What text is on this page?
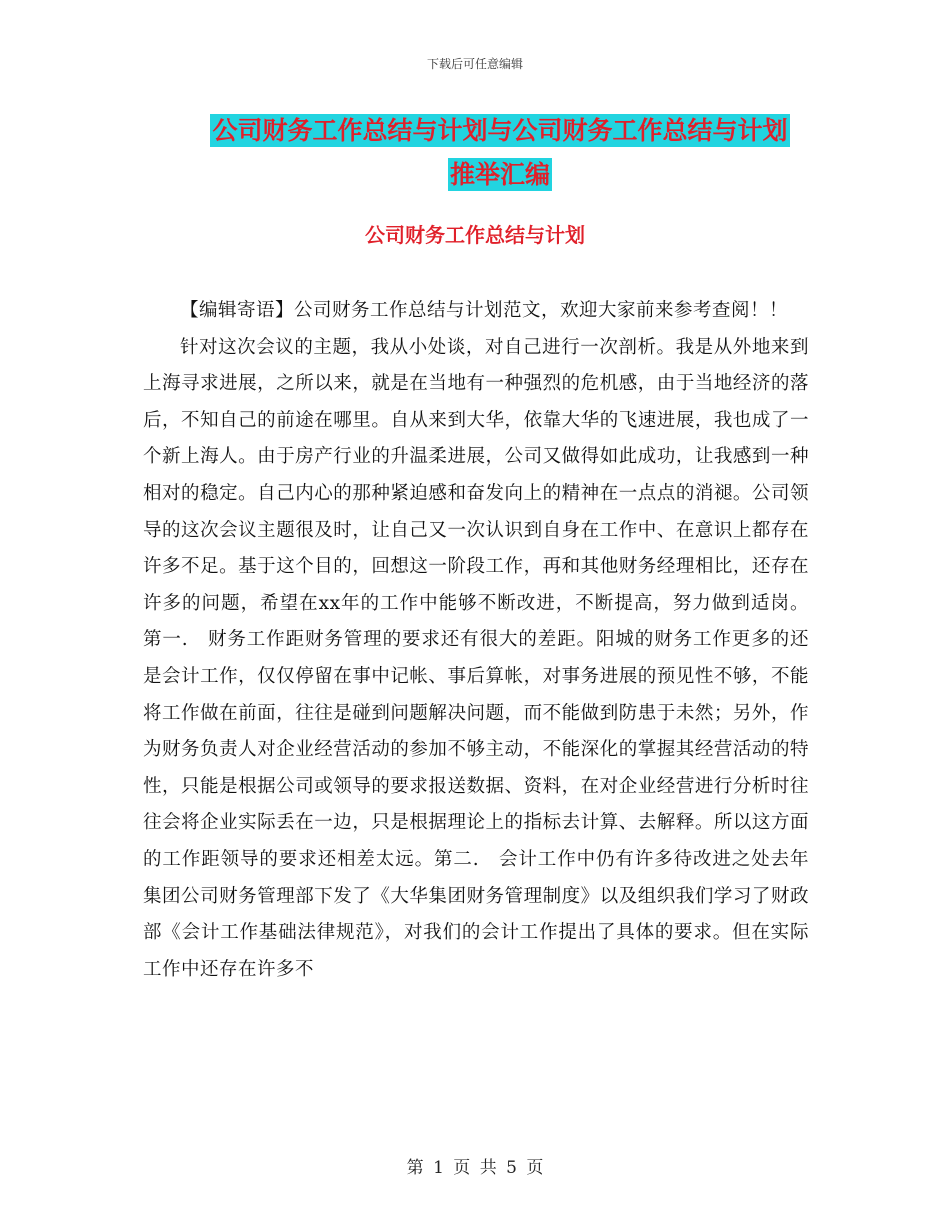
下载后可任意编辑
公司财务工作总结与计划与公司财务工作总结与计划
推举汇编
公司财务工作总结与计划

【编辑寄语】公司财务工作总结与计划范文，欢迎大家前来参考查阅！！

针对这次会议的主题，我从小处谈，对自己进行一次剖析。我是从外地来到上海寻求进展，之所以来，就是在当地有一种强烈的危机感，由于当地经济的落后，不知自己的前途在哪里。自从来到大华，依靠大华的飞速进展，我也成了一个新上海人。由于房产行业的升温柔进展，公司又做得如此成功，让我感到一种相对的稳定。自己内心的那种紧迫感和奋发向上的精神在一点点的消褪。公司领导的这次会议主题很及时，让自己又一次认识到自身在工作中、在意识上都存在许多不足。基于这个目的，回想这一阶段工作，再和其他财务经理相比，还存在许多的问题，希望在xx年的工作中能够不断改进，不断提高，努力做到适岗。第一.　财务工作距财务管理的要求还有很大的差距。阳城的财务工作更多的还是会计工作，仅仅停留在事中记帐、事后算帐，对事务进展的预见性不够，不能将工作做在前面，往往是碰到问题解决问题，而不能做到防患于未然；另外，作为财务负责人对企业经营活动的参加不够主动，不能深化的掌握其经营活动的特性，只能是根据公司或领导的要求报送数据、资料，在对企业经营进行分析时往往会将企业实际丢在一边，只是根据理论上的指标去计算、去解释。所以这方面的工作距领导的要求还相差太远。第二.　会计工作中仍有许多待改进之处去年集团公司财务管理部下发了《大华集团财务管理制度》以及组织我们学习了财政部《会计工作基础法律规范》，对我们的会计工作提出了具体的要求。但在实际工作中还存在许多不

第 1 页 共 5 页
